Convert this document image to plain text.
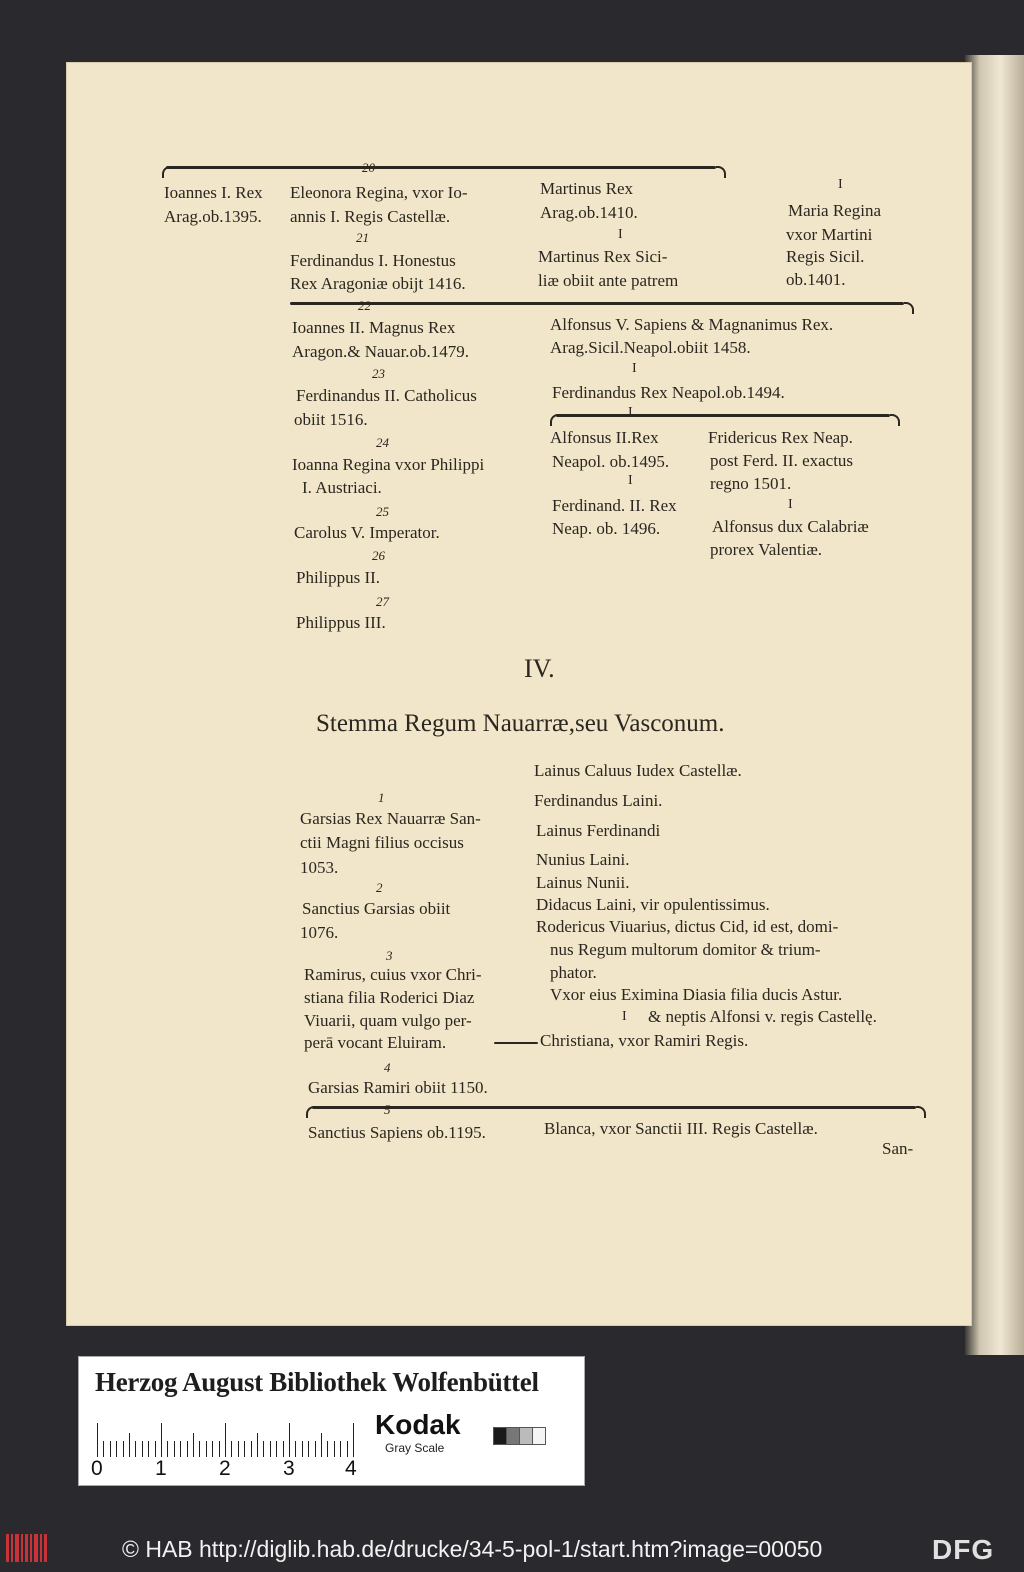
20
Ioannes I. Rex
Arag.ob.1395.
Eleonora Regina, vxor Io-
annis I. Regis Castellæ.
Martinus Rex
Arag.ob.1410.
I
Martinus Rex Sici-
liæ obiit ante patrem
I
Maria Regina
vxor Martini
Regis Sicil.
ob.1401.
21
Ferdinandus I. Honestus
Rex Aragoniæ obijt 1416.
22
Ioannes II. Magnus Rex
Aragon.& Nauar.ob.1479.
Alfonsus V. Sapiens & Magnanimus Rex.
Arag.Sicil.Neapol.obiit 1458.
I
23
Ferdinandus II. Catholicus
obiit 1516.
Ferdinandus Rex Neapol.ob.1494.
I
Alfonsus II.Rex
Neapol. ob.1495.
Fridericus Rex Neap.
post Ferd. II. exactus
regno 1501.
24
Ioanna Regina vxor Philippi
I. Austriaci.	I
I
Ferdinand. II. Rex
Neap. ob. 1496.	Alfonsus dux Calabriæ
prorex Valentiæ.
25
Carolus V. Imperator.
26
Philippus II.
27
Philippus III.
IV.
Stemma Regum Nauarræ,seu Vasconum.
Lainus Caluus Iudex Castellæ.
Ferdinandus Laini.
Lainus Ferdinandi
Nunius Laini.
Lainus Nunii.
Didacus Laini, vir opulentissimus.
Rodericus Viuarius, dictus Cid, id est, domi-
nus Regum multorum domitor & trium-
phator.
Vxor eius Eximina Diasia filia ducis Astur.
I & neptis Alfonsi v. regis Castellę.
Christiana, vxor Ramiri Regis.
1
Garsias Rex Nauarræ San-
ctii Magni filius occisus
1053.
2
Sanctius Garsias obiit
1076.
3
Ramirus, cuius vxor Chri-
stiana filia Roderici Diaz
Viuarii, quam vulgo per-
perā vocant Eluiram.
4
Garsias Ramiri obiit 1150.
5
Sanctius Sapiens ob.1195.	Blanca, vxor Sanctii III. Regis Castellæ.
San-
Herzog August Bibliothek Wolfenbüttel
0 1 2 3 4
Kodak
Gray Scale
© HAB http://diglib.hab.de/drucke/34-5-pol-1/start.htm?image=00050	DFG
